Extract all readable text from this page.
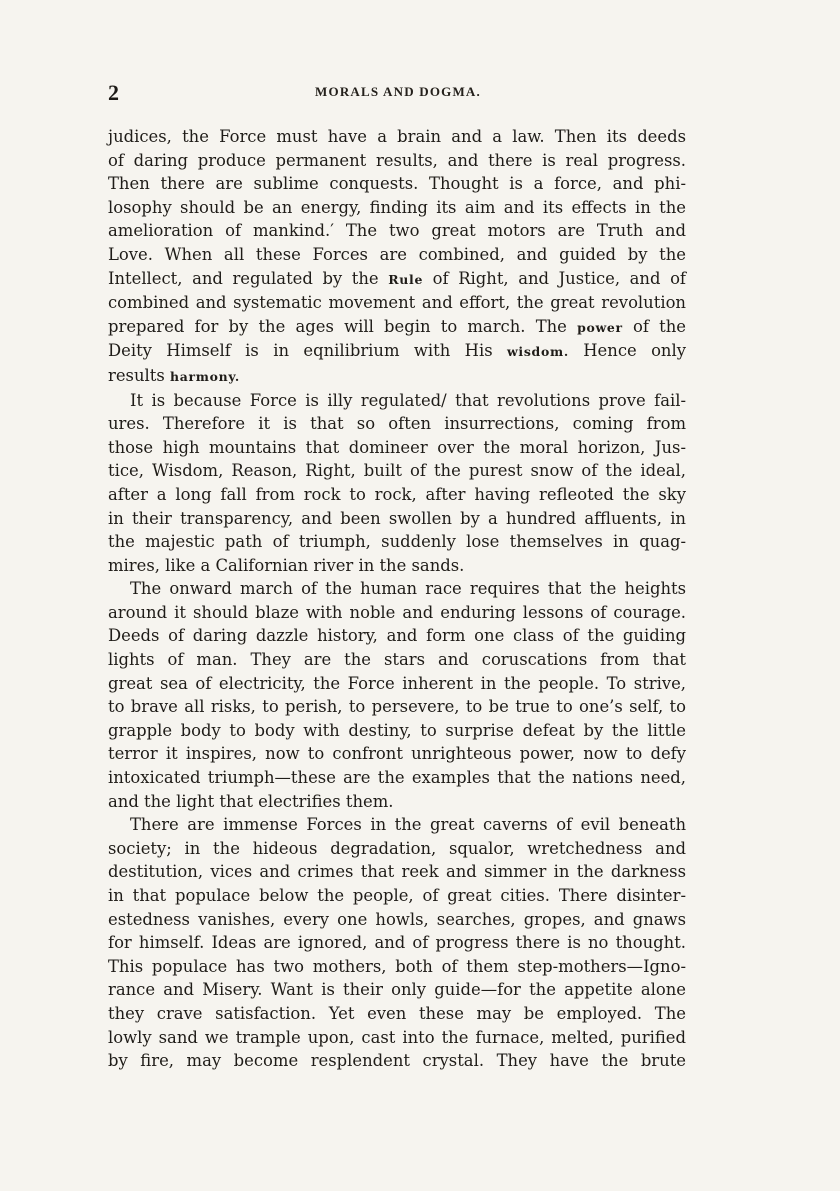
2	MORALS AND DOGMA.
judices, the Force must have a brain and a law. Then its deeds
of daring produce permanent results, and there is real progress.
Then there are sublime conquests. Thought is a force, and phi-
losophy should be an energy, finding its aim and its effects in the
amelioration of mankind.′ The two great motors are Truth and
Love. When all these Forces are combined, and guided by the
Intellect, and regulated by the Rule of Right, and Justice, and of
combined and systematic movement and effort, the great revolution
prepared for by the ages will begin to march. The power of the
Deity Himself is in eqnilibrium with His wisdom. Hence only
results harmony.
It is because Force is illy regulated/ that revolutions prove fail-
ures. Therefore it is that so often insurrections, coming from
those high mountains that domineer over the moral horizon, Jus-
tice, Wisdom, Reason, Right, built of the purest snow of the ideal,
after a long fall from rock to rock, after having refleoted the sky
in their transparency, and been swollen by a hundred affluents, in
the majestic path of triumph, suddenly lose themselves in quag-
mires, like a Californian river in the sands.
The onward march of the human race requires that the heights
around it should blaze with noble and enduring lessons of courage.
Deeds of daring dazzle history, and form one class of the guiding
lights of man. They are the stars and coruscations from that
great sea of electricity, the Force inherent in the people. To strive,
to brave all risks, to perish, to persevere, to be true to one’s self, to
grapple body to body with destiny, to surprise defeat by the little
terror it inspires, now to confront unrighteous power, now to defy
intoxicated triumph—these are the examples that the nations need,
and the light that electrifies them.
There are immense Forces in the great caverns of evil beneath
society; in the hideous degradation, squalor, wretchedness and
destitution, vices and crimes that reek and simmer in the darkness
in that populace below the people, of great cities. There disinter-
estedness vanishes, every one howls, searches, gropes, and gnaws
for himself. Ideas are ignored, and of progress there is no thought.
This populace has two mothers, both of them step-mothers—Igno-
rance and Misery. Want is their only guide—for the appetite alone
they crave satisfaction. Yet even these may be employed. The
lowly sand we trample upon, cast into the furnace, melted, purified
by fire, may become resplendent crystal. They have the brute
